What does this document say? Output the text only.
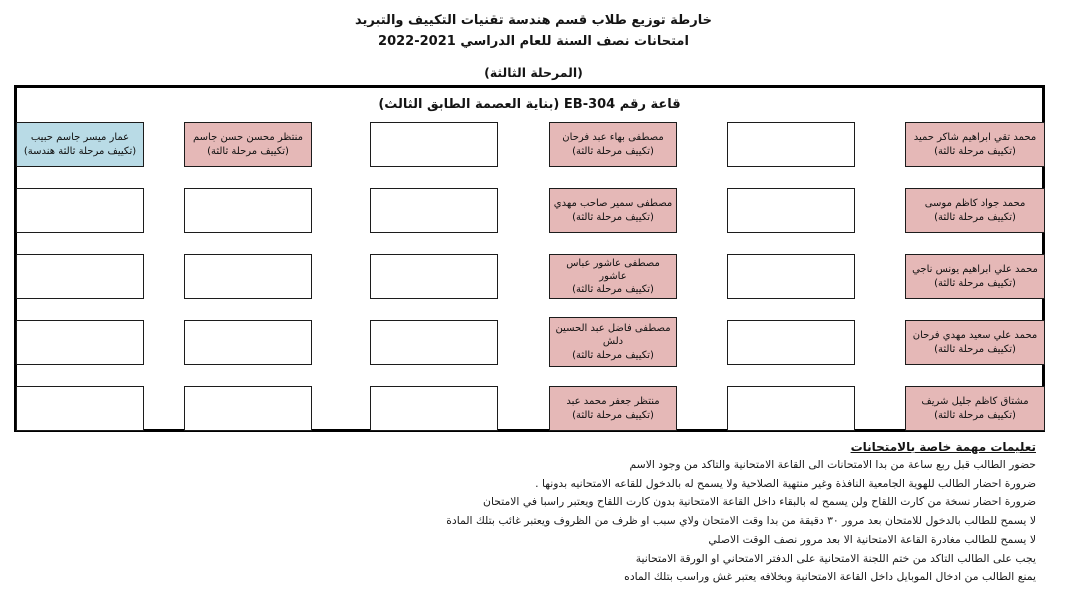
خارطة توزيع طلاب قسم هندسة تقنيات التكييف والتبريد
امتحانات نصف السنة للعام الدراسي 2021-2022
(المرحلة الثالثة)
قاعة رقم EB-304 (بناية العصمة الطابق الثالث)
عمار ميسر جاسم حبيب
(تكييف مرحلة ثالثة هندسة)
منتظر محسن حسن جاسم
(تكييف مرحلة ثالثة)
مصطفى بهاء عبد فرحان
(تكييف مرحلة ثالثة)
محمد تقي ابراهيم شاكر حميد
(تكييف مرحلة ثالثة)
مصطفى سمير صاحب مهدي
(تكييف مرحلة ثالثة)
محمد جواد كاظم موسى
(تكييف مرحلة ثالثة)
مصطفى عاشور عباس عاشور
(تكييف مرحلة ثالثة)
محمد علي ابراهيم يونس ناجي
(تكييف مرحلة ثالثة)
مصطفى فاضل عبد الحسين دلش
(تكييف مرحلة ثالثة)
محمد علي سعيد مهدي فرحان
(تكييف مرحلة ثالثة)
منتظر جعفر محمد عبد
(تكييف مرحلة ثالثة)
مشتاق كاظم جليل شريف
(تكييف مرحلة ثالثة)
تعليمات مهمة خاصة بالامتحانات
حضور الطالب قبل ربع ساعة من بدا الامتحانات الى القاعة الامتحانية والتاكد من وجود الاسم
ضرورة احضار الطالب للهوية الجامعية النافذة وغير منتهية الصلاحية ولا يسمح له بالدخول للقاعه الامتحانيه بدونها .
ضرورة احضار نسخة من كارت اللقاح ولن يسمح له بالبقاء داخل القاعة الامتحانية بدون كارت اللقاح ويعتبر راسبا في الامتحان
لا يسمح للطالب بالدخول للامتحان بعد مرور ٣٠ دقيقة من بدا وقت الامتحان ولاي سبب او ظرف من الظروف ويعتبر غائب بتلك المادة
لا يسمح للطالب مغادرة القاعة الامتحانية الا بعد مرور نصف الوقت الاصلي
يجب على الطالب التاكد من ختم اللجنة الامتحانية على الدفتر الامتحاني او الورقة الامتحانية
يمنع الطالب من ادخال الموبايل داخل القاعة الامتحانية وبخلافه يعتبر غش وراسب بتلك الماده
